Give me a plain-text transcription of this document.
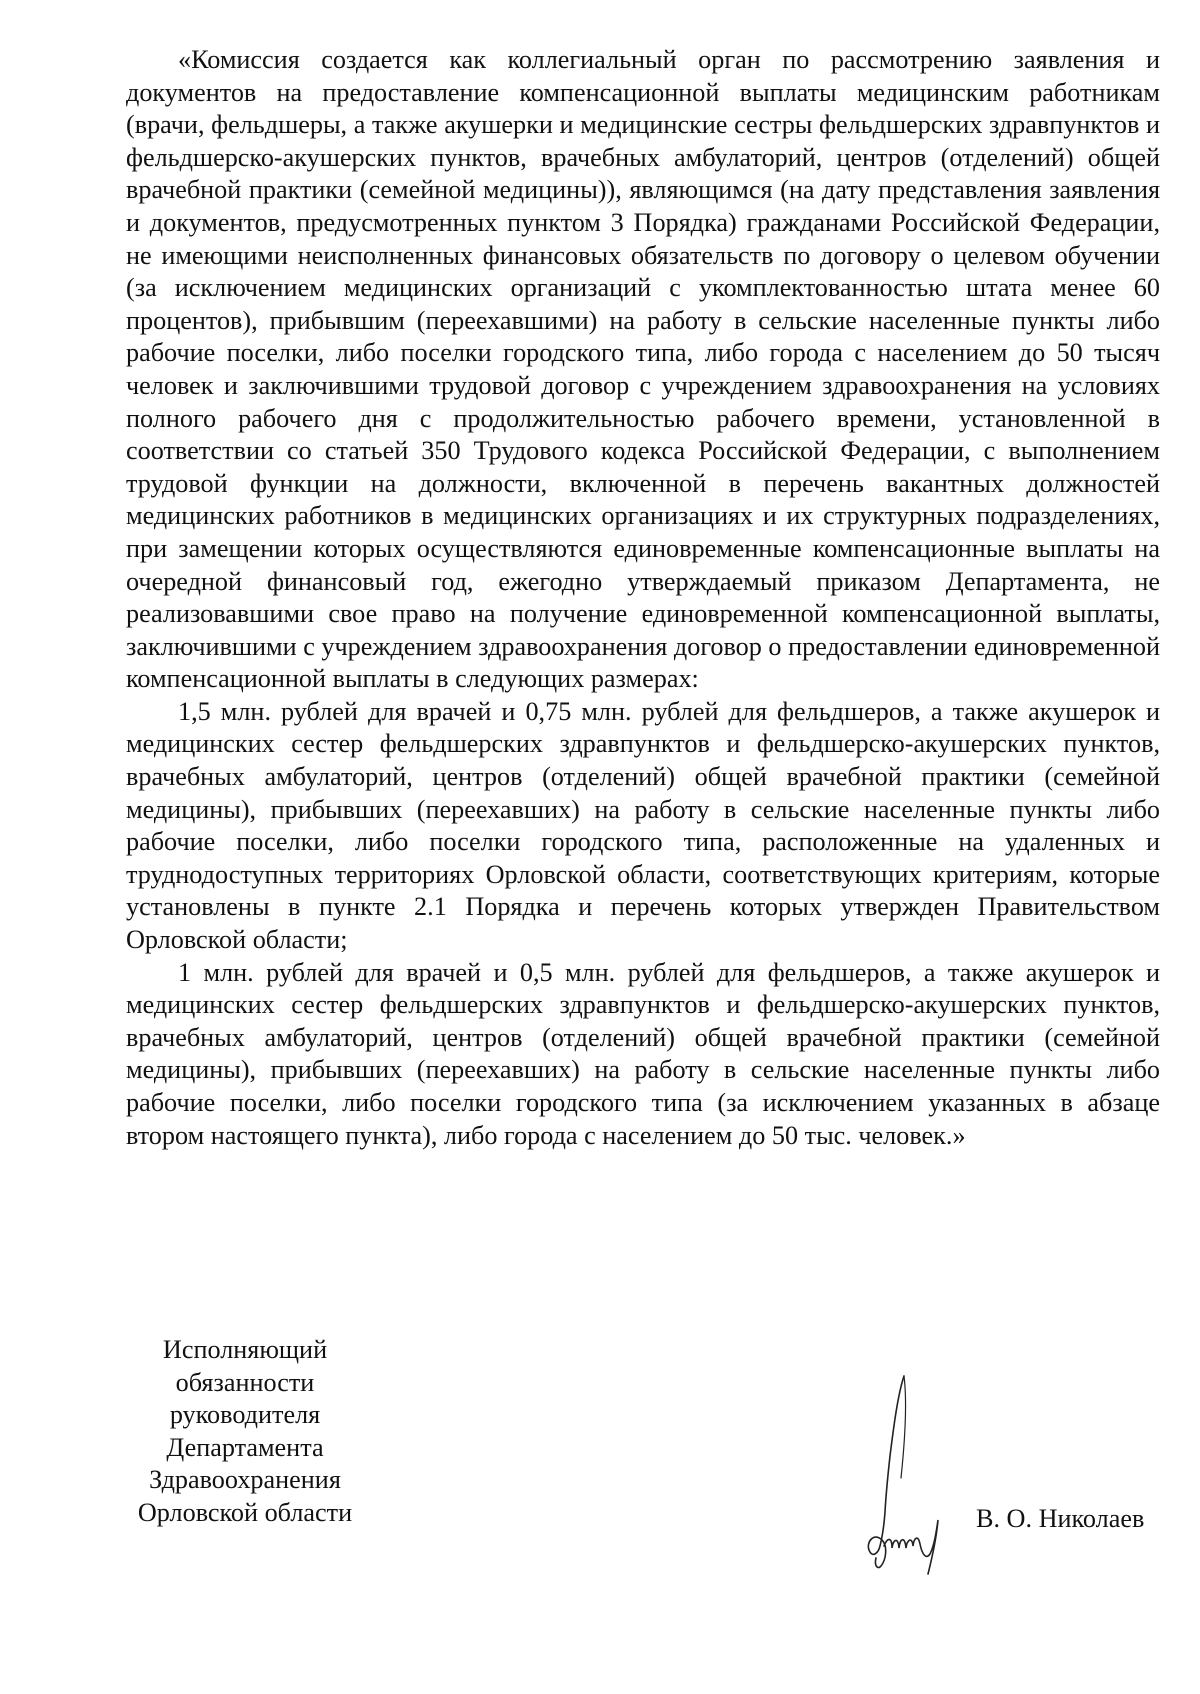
«Комиссия создается как коллегиальный орган по рассмотрению заявления и документов на предоставление компенсационной выплаты медицинским работникам (врачи, фельдшеры, а также акушерки и медицинские сестры фельдшерских здравпунктов и фельдшерско-акушерских пунктов, врачебных амбулаторий, центров (отделений) общей врачебной практики (семейной медицины)), являющимся (на дату представления заявления и документов, предусмотренных пунктом 3 Порядка) гражданами Российской Федерации, не имеющими неисполненных финансовых обязательств по договору о целевом обучении (за исключением медицинских организаций с укомплектованностью штата менее 60 процентов), прибывшим (переехавшими) на работу в сельские населенные пункты либо рабочие поселки, либо поселки городского типа, либо города с населением до 50 тысяч человек и заключившими трудовой договор с учреждением здравоохранения на условиях полного рабочего дня с продолжительностью рабочего времени, установленной в соответствии со статьей 350 Трудового кодекса Российской Федерации, с выполнением трудовой функции на должности, включенной в перечень вакантных должностей медицинских работников в медицинских организациях и их структурных подразделениях, при замещении которых осуществляются единовременные компенсационные выплаты на очередной финансовый год, ежегодно утверждаемый приказом Департамента, не реализовавшими свое право на получение единовременной компенсационной выплаты, заключившими с учреждением здравоохранения договор о предоставлении единовременной компенсационной выплаты в следующих размерах:

1,5 млн. рублей для врачей и 0,75 млн. рублей для фельдшеров, а также акушерок и медицинских сестер фельдшерских здравпунктов и фельдшерско-акушерских пунктов, врачебных амбулаторий, центров (отделений) общей врачебной практики (семейной медицины), прибывших (переехавших) на работу в сельские населенные пункты либо рабочие поселки, либо поселки городского типа, расположенные на удаленных и труднодоступных территориях Орловской области, соответствующих критериям, которые установлены в пункте 2.1 Порядка и перечень которых утвержден Правительством Орловской области;

1 млн. рублей для врачей и 0,5 млн. рублей для фельдшеров, а также акушерок и медицинских сестер фельдшерских здравпунктов и фельдшерско-акушерских пунктов, врачебных амбулаторий, центров (отделений) общей врачебной практики (семейной медицины), прибывших (переехавших) на работу в сельские населенные пункты либо рабочие поселки, либо поселки городского типа (за исключением указанных в абзаце втором настоящего пункта), либо города с населением до 50 тыс. человек.»

Исполняющий
обязанности
руководителя
Департамента
Здравоохранения
Орловской области	В. О. Николаев
